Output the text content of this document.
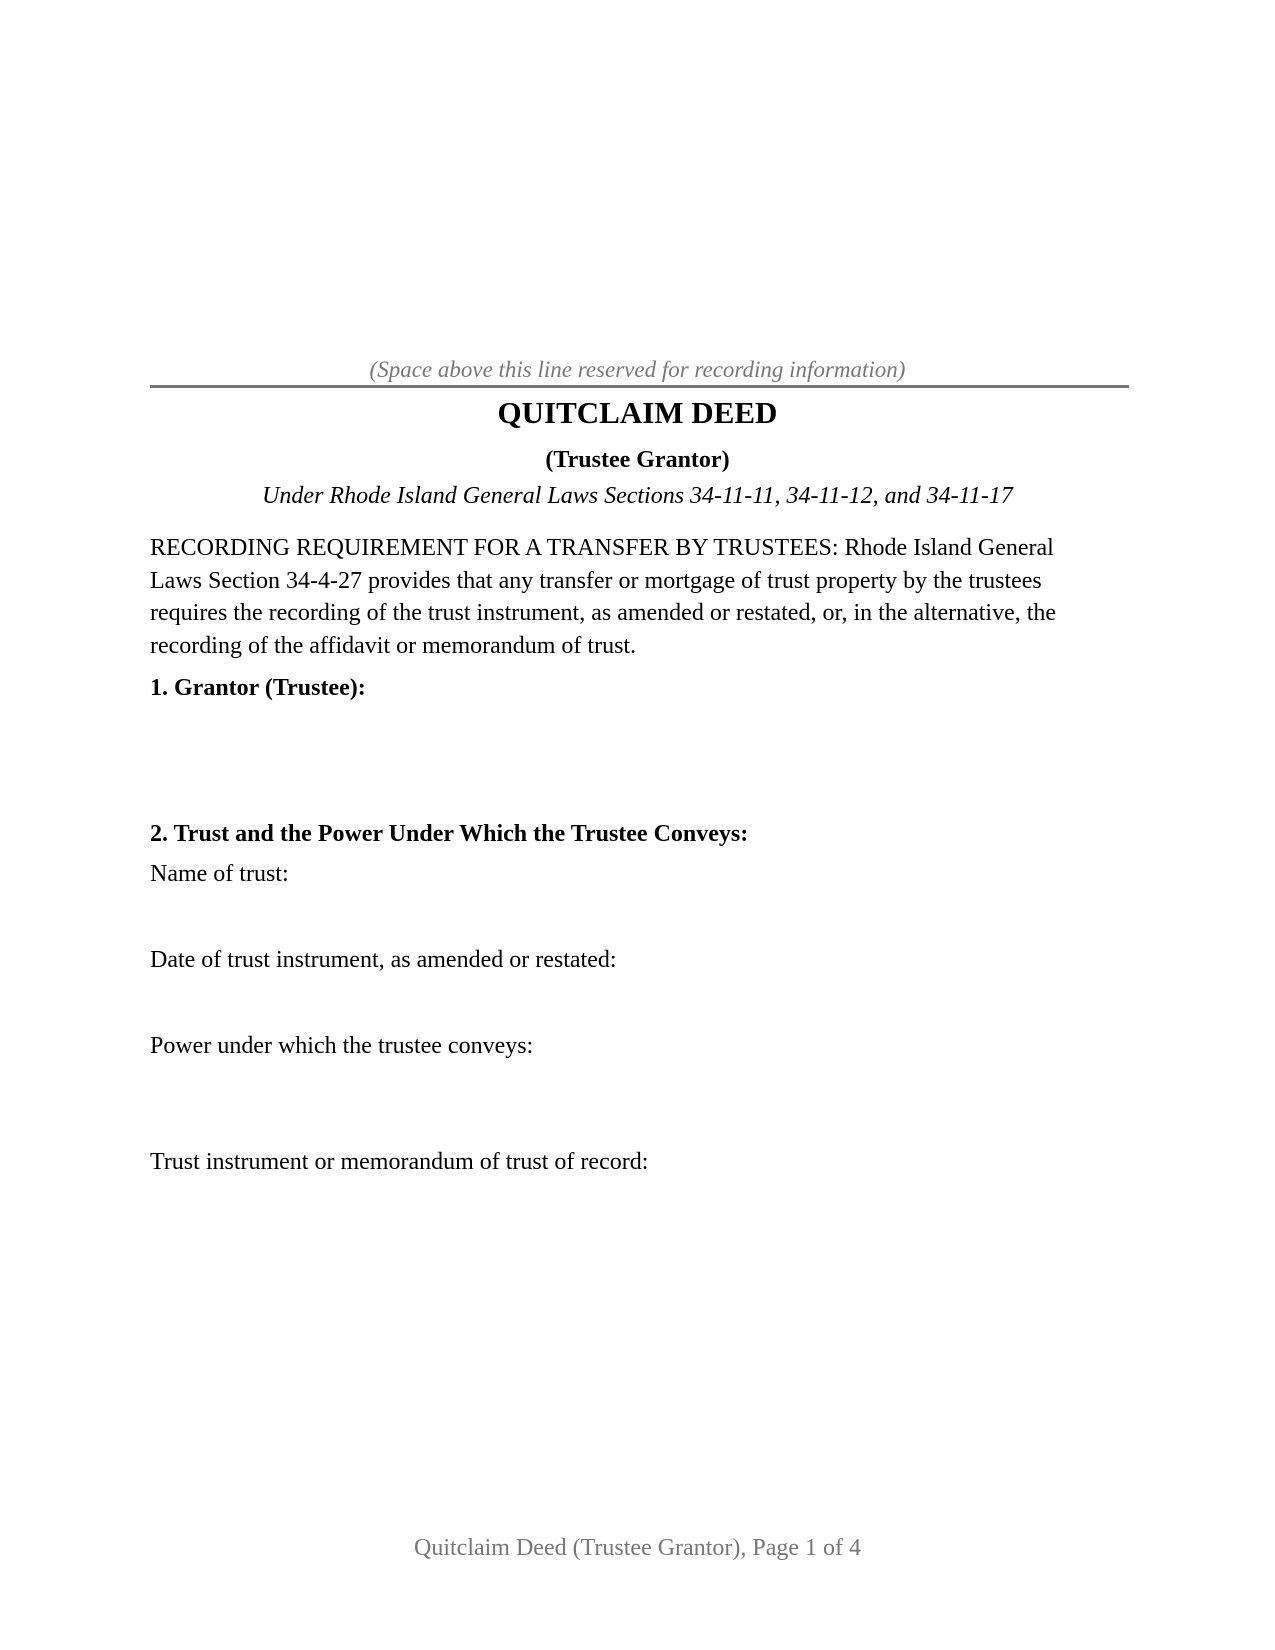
(Space above this line reserved for recording information)
QUITCLAIM DEED
(Trustee Grantor)
Under Rhode Island General Laws Sections 34-11-11, 34-11-12, and 34-11-17

RECORDING REQUIREMENT FOR A TRANSFER BY TRUSTEES: Rhode Island General Laws Section 34-4-27 provides that any transfer or mortgage of trust property by the trustees requires the recording of the trust instrument, as amended or restated, or, in the alternative, the recording of the affidavit or memorandum of trust.

1. Grantor (Trustee):

2. Trust and the Power Under Which the Trustee Conveys:

Name of trust:

Date of trust instrument, as amended or restated:

Power under which the trustee conveys:

Trust instrument or memorandum of trust of record:

Quitclaim Deed (Trustee Grantor), Page 1 of 4
